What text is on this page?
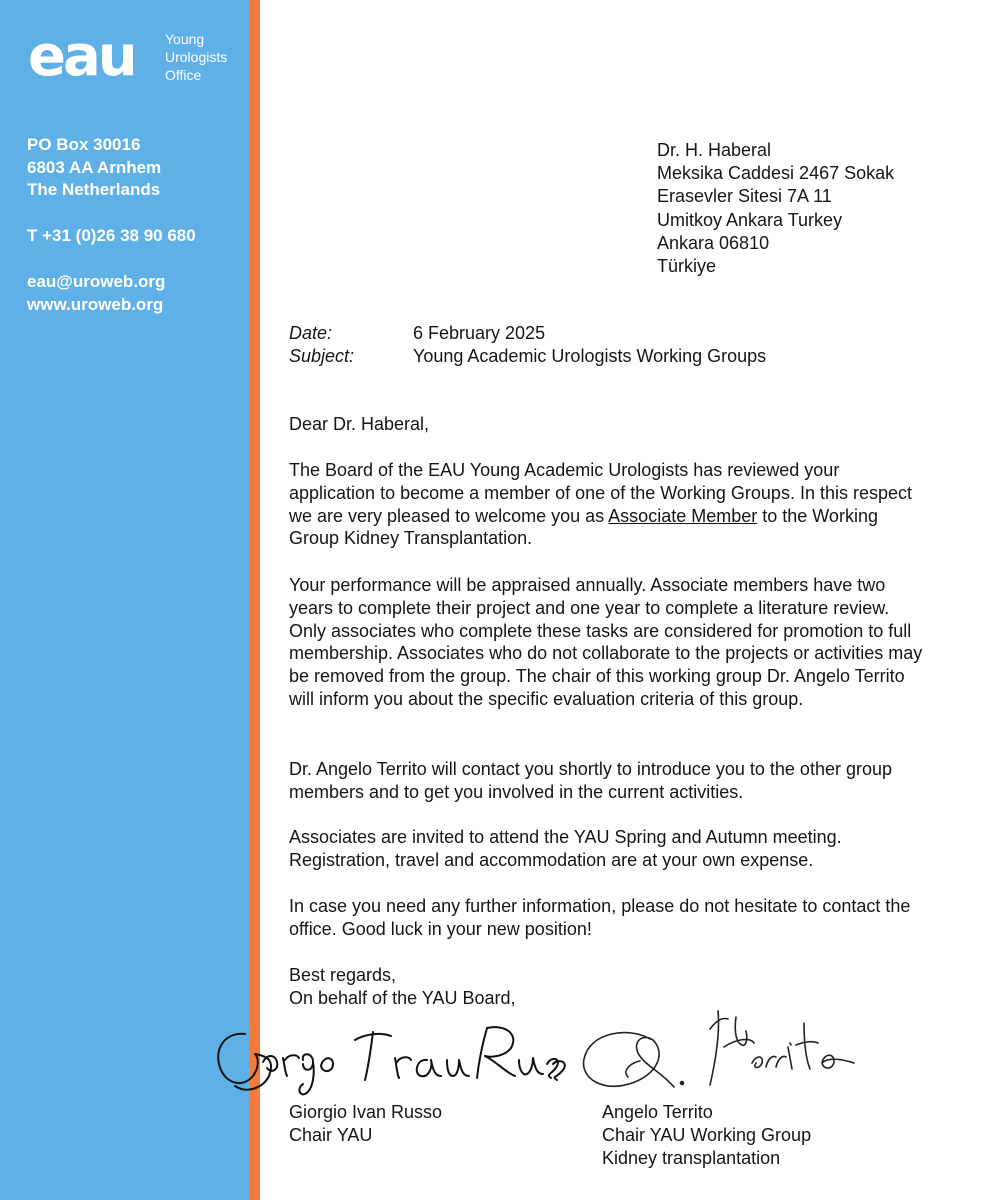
eau Young
Urologists
Office
PO Box 30016
6803 AA Arnhem
The Netherlands
T +31 (0)26 38 90 680
eau@uroweb.org
www.uroweb.org
Dr. H. Haberal
Meksika Caddesi 2467 Sokak
Erasevler Sitesi 7A 11
Umitkoy Ankara Turkey
Ankara 06810
Türkiye
Date:	6 February 2025
Subject:	Young Academic Urologists Working Groups
Dear Dr. Haberal,

The Board of the EAU Young Academic Urologists has reviewed your application to become a member of one of the Working Groups. In this respect we are very pleased to welcome you as Associate Member to the Working Group Kidney Transplantation.

Your performance will be appraised annually. Associate members have two years to complete their project and one year to complete a literature review. Only associates who complete these tasks are considered for promotion to full membership. Associates who do not collaborate to the projects or activities may be removed from the group. The chair of this working group Dr. Angelo Territo will inform you about the specific evaluation criteria of this group.
Dr. Angelo Territo will contact you shortly to introduce you to the other group members and to get you involved in the current activities.
Associates are invited to attend the YAU Spring and Autumn meeting. Registration, travel and accommodation are at your own expense.
In case you need any further information, please do not hesitate to contact the office. Good luck in your new position!
Best regards,
On behalf of the YAU Board,
Giorgio Ivan Russo
Chair YAU
Angelo Territo
Chair YAU Working Group
Kidney transplantation
